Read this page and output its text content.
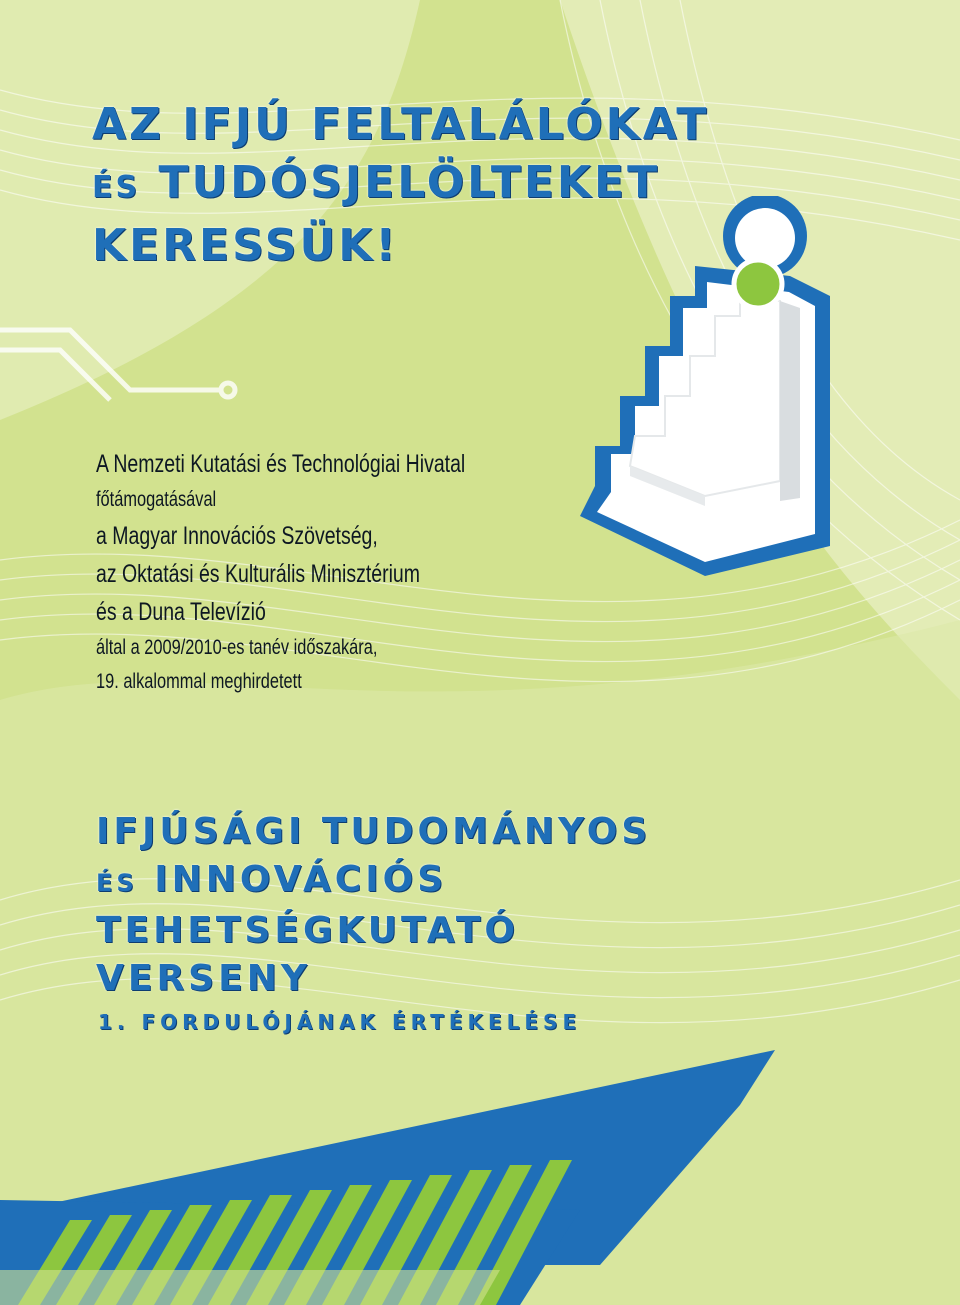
AZ IFJÚ FELTALÁLÓKAT
ÉS TUDÓSJELÖLTEKET
KERESSÜK!
A Nemzeti Kutatási és Technológiai Hivatal
főtámogatásával
a Magyar Innovációs Szövetség,
az Oktatási és Kulturális Minisztérium
és a Duna Televízió
által a 2009/2010-es tanév időszakára,
19. alkalommal meghirdetett
IFJÚSÁGI TUDOMÁNYOS
ÉS INNOVÁCIÓS
TEHETSÉGKUTATÓ
VERSENY
1. FORDULÓJÁNAK ÉRTÉKELÉSE
